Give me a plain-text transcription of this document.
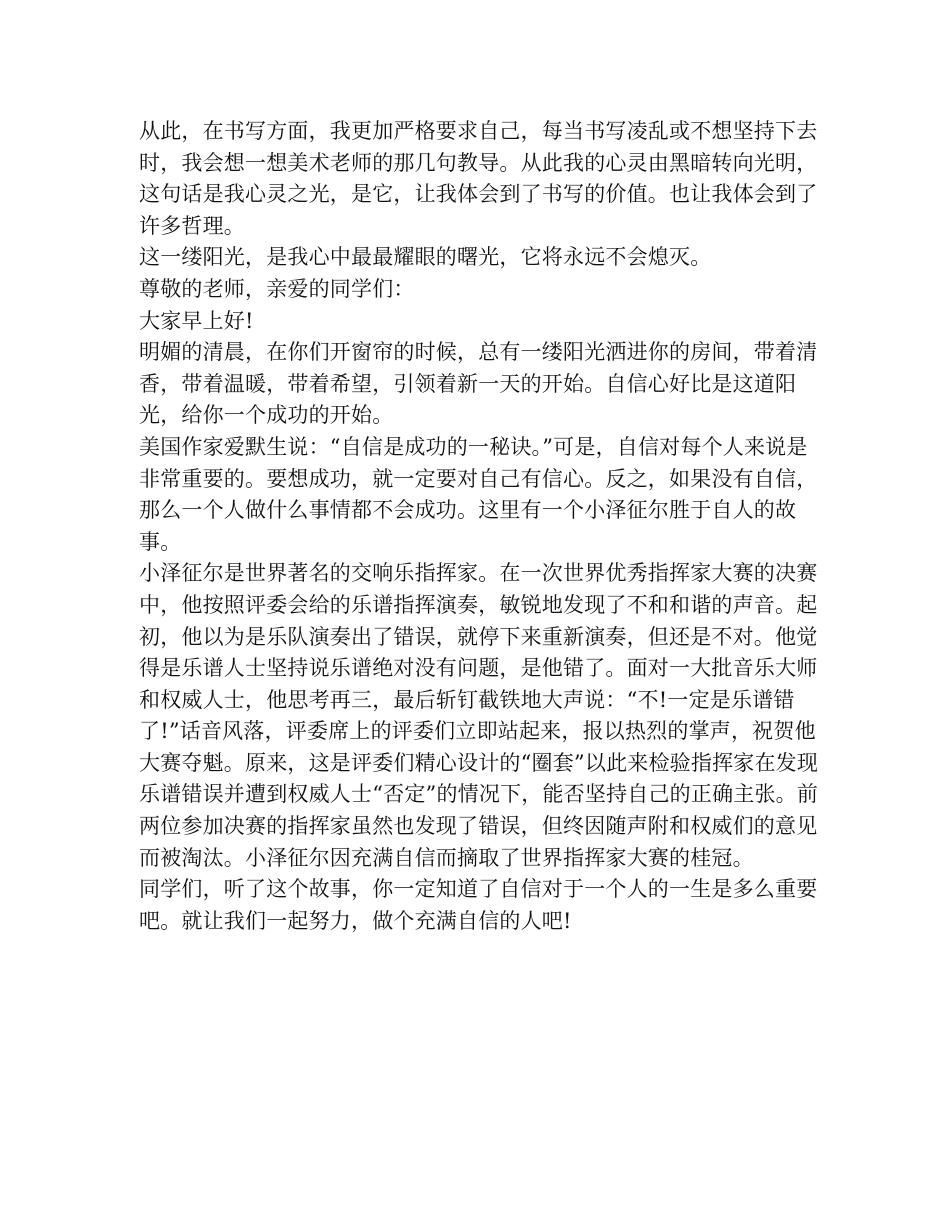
从此，在书写方面，我更加严格要求自己，每当书写凌乱或不想坚持下去时，我会想一想美术老师的那几句教导。从此我的心灵由黑暗转向光明，这句话是我心灵之光，是它，让我体会到了书写的价值。也让我体会到了许多哲理。

这一缕阳光，是我心中最最耀眼的曙光，它将永远不会熄灭。

尊敬的老师，亲爱的同学们：

大家早上好!

明媚的清晨，在你们开窗帘的时候，总有一缕阳光洒进你的房间，带着清香，带着温暖，带着希望，引领着新一天的开始。自信心好比是这道阳光，给你一个成功的开始。

美国作家爱默生说：“自信是成功的一秘诀。”可是，自信对每个人来说是非常重要的。要想成功，就一定要对自己有信心。反之，如果没有自信，那么一个人做什么事情都不会成功。这里有一个小泽征尔胜于自人的故事。

小泽征尔是世界著名的交响乐指挥家。在一次世界优秀指挥家大赛的决赛中，他按照评委会给的乐谱指挥演奏，敏锐地发现了不和和谐的声音。起初，他以为是乐队演奏出了错误，就停下来重新演奏，但还是不对。他觉得是乐谱人士坚持说乐谱绝对没有问题，是他错了。面对一大批音乐大师和权威人士，他思考再三，最后斩钉截铁地大声说：“不!一定是乐谱错了!”话音风落，评委席上的评委们立即站起来，报以热烈的掌声，祝贺他大赛夺魁。原来，这是评委们精心设计的“圈套”以此来检验指挥家在发现乐谱错误并遭到权威人士“否定”的情况下，能否坚持自己的正确主张。前两位参加决赛的指挥家虽然也发现了错误，但终因随声附和权威们的意见而被淘汰。小泽征尔因充满自信而摘取了世界指挥家大赛的桂冠。

同学们，听了这个故事，你一定知道了自信对于一个人的一生是多么重要吧。就让我们一起努力，做个充满自信的人吧!
